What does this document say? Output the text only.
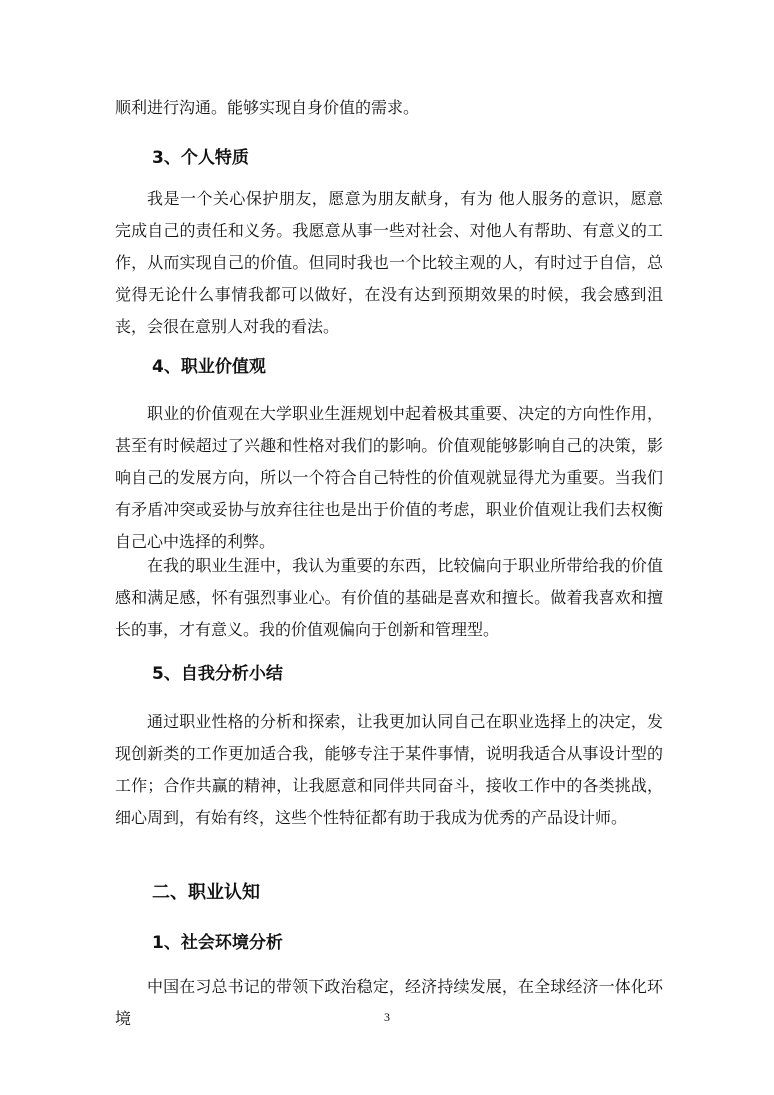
顺利进行沟通。能够实现自身价值的需求。

3、个人特质

我是一个关心保护朋友，愿意为朋友献身，有为 他人服务的意识，愿意完成自己的责任和义务。我愿意从事一些对社会、对他人有帮助、有意义的工作，从而实现自己的价值。但同时我也一个比较主观的人，有时过于自信，总觉得无论什么事情我都可以做好，在没有达到预期效果的时候，我会感到沮丧，会很在意别人对我的看法。

4、职业价值观

职业的价值观在大学职业生涯规划中起着极其重要、决定的方向性作用，甚至有时候超过了兴趣和性格对我们的影响。价值观能够影响自己的决策，影响自己的发展方向，所以一个符合自己特性的价值观就显得尤为重要。当我们有矛盾冲突或妥协与放弃往往也是出于价值的考虑，职业价值观让我们去权衡自己心中选择的利弊。

在我的职业生涯中，我认为重要的东西，比较偏向于职业所带给我的价值感和满足感，怀有强烈事业心。有价值的基础是喜欢和擅长。做着我喜欢和擅长的事，才有意义。我的价值观偏向于创新和管理型。

5、自我分析小结

通过职业性格的分析和探索，让我更加认同自己在职业选择上的决定，发现创新类的工作更加适合我，能够专注于某件事情，说明我适合从事设计型的工作；合作共赢的精神，让我愿意和同伴共同奋斗，接收工作中的各类挑战，细心周到，有始有终，这些个性特征都有助于我成为优秀的产品设计师。

二、职业认知
1、社会环境分析

中国在习总书记的带领下政治稳定，经济持续发展，在全球经济一体化环境	3
